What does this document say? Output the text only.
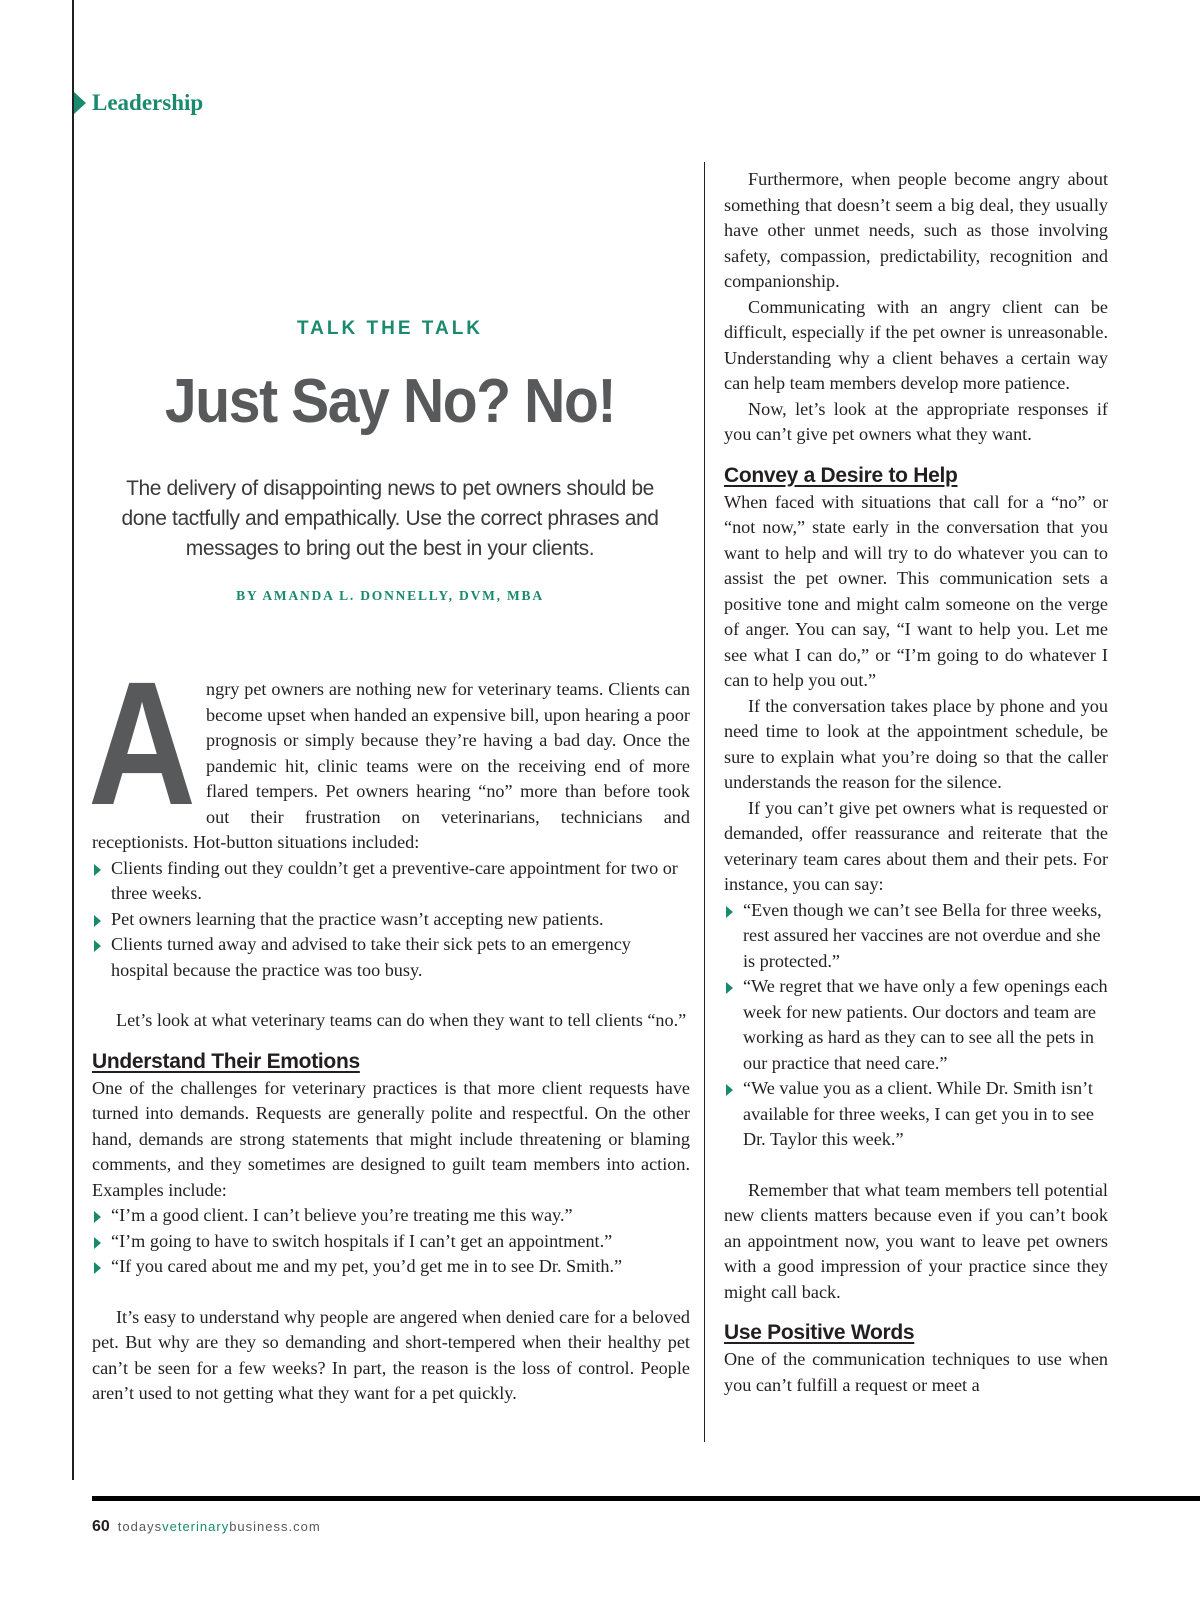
Leadership
TALK THE TALK
Just Say No? No!
The delivery of disappointing news to pet owners should be done tactfully and empathically. Use the correct phrases and messages to bring out the best in your clients.
BY AMANDA L. DONNELLY, DVM, MBA

Angry pet owners are nothing new for veterinary teams. Clients can become upset when handed an expensive bill, upon hearing a poor prognosis or simply because they’re having a bad day. Once the pandemic hit, clinic teams were on the receiving end of more flared tempers. Pet owners hearing “no” more than before took out their frustration on veterinarians, technicians and receptionists. Hot-button situations included:

Clients finding out they couldn’t get a preventive-care appointment for two or three weeks.
Pet owners learning that the practice wasn’t accepting new patients.
Clients turned away and advised to take their sick pets to an emergency hospital because the practice was too busy.

Let’s look at what veterinary teams can do when they want to tell clients “no.”

Understand Their Emotions

One of the challenges for veterinary practices is that more client requests have turned into demands. Requests are generally polite and respectful. On the other hand, demands are strong statements that might include threatening or blaming comments, and they sometimes are designed to guilt team members into action. Examples include:

“I’m a good client. I can’t believe you’re treating me this way.”
“I’m going to have to switch hospitals if I can’t get an appointment.”
“If you cared about me and my pet, you’d get me in to see Dr. Smith.”

It’s easy to understand why people are angered when denied care for a beloved pet. But why are they so demanding and short-tempered when their healthy pet can’t be seen for a few weeks? In part, the reason is the loss of control. People aren’t used to not getting what they want for a pet quickly.

Furthermore, when people become angry about something that doesn’t seem a big deal, they usually have other unmet needs, such as those involving safety, compassion, predictability, recognition and companionship.

Communicating with an angry client can be difficult, especially if the pet owner is unreasonable. Understanding why a client behaves a certain way can help team members develop more patience.

Now, let’s look at the appropriate responses if you can’t give pet owners what they want.

Convey a Desire to Help

When faced with situations that call for a “no” or “not now,” state early in the conversation that you want to help and will try to do whatever you can to assist the pet owner. This communication sets a positive tone and might calm someone on the verge of anger. You can say, “I want to help you. Let me see what I can do,” or “I’m going to do whatever I can to help you out.”

If the conversation takes place by phone and you need time to look at the appointment schedule, be sure to explain what you’re doing so that the caller understands the reason for the silence.

If you can’t give pet owners what is requested or demanded, offer reassurance and reiterate that the veterinary team cares about them and their pets. For instance, you can say:

“Even though we can’t see Bella for three weeks, rest assured her vaccines are not overdue and she is protected.”
“We regret that we have only a few openings each week for new patients. Our doctors and team are working as hard as they can to see all the pets in our practice that need care.”
“We value you as a client. While Dr. Smith isn’t available for three weeks, I can get you in to see Dr. Taylor this week.”

Remember that what team members tell potential new clients matters because even if you can’t book an appointment now, you want to leave pet owners with a good impression of your practice since they might call back.

Use Positive Words

One of the communication techniques to use when you can’t fulfill a request or meet a

60 todaysveterinarybusiness.com
